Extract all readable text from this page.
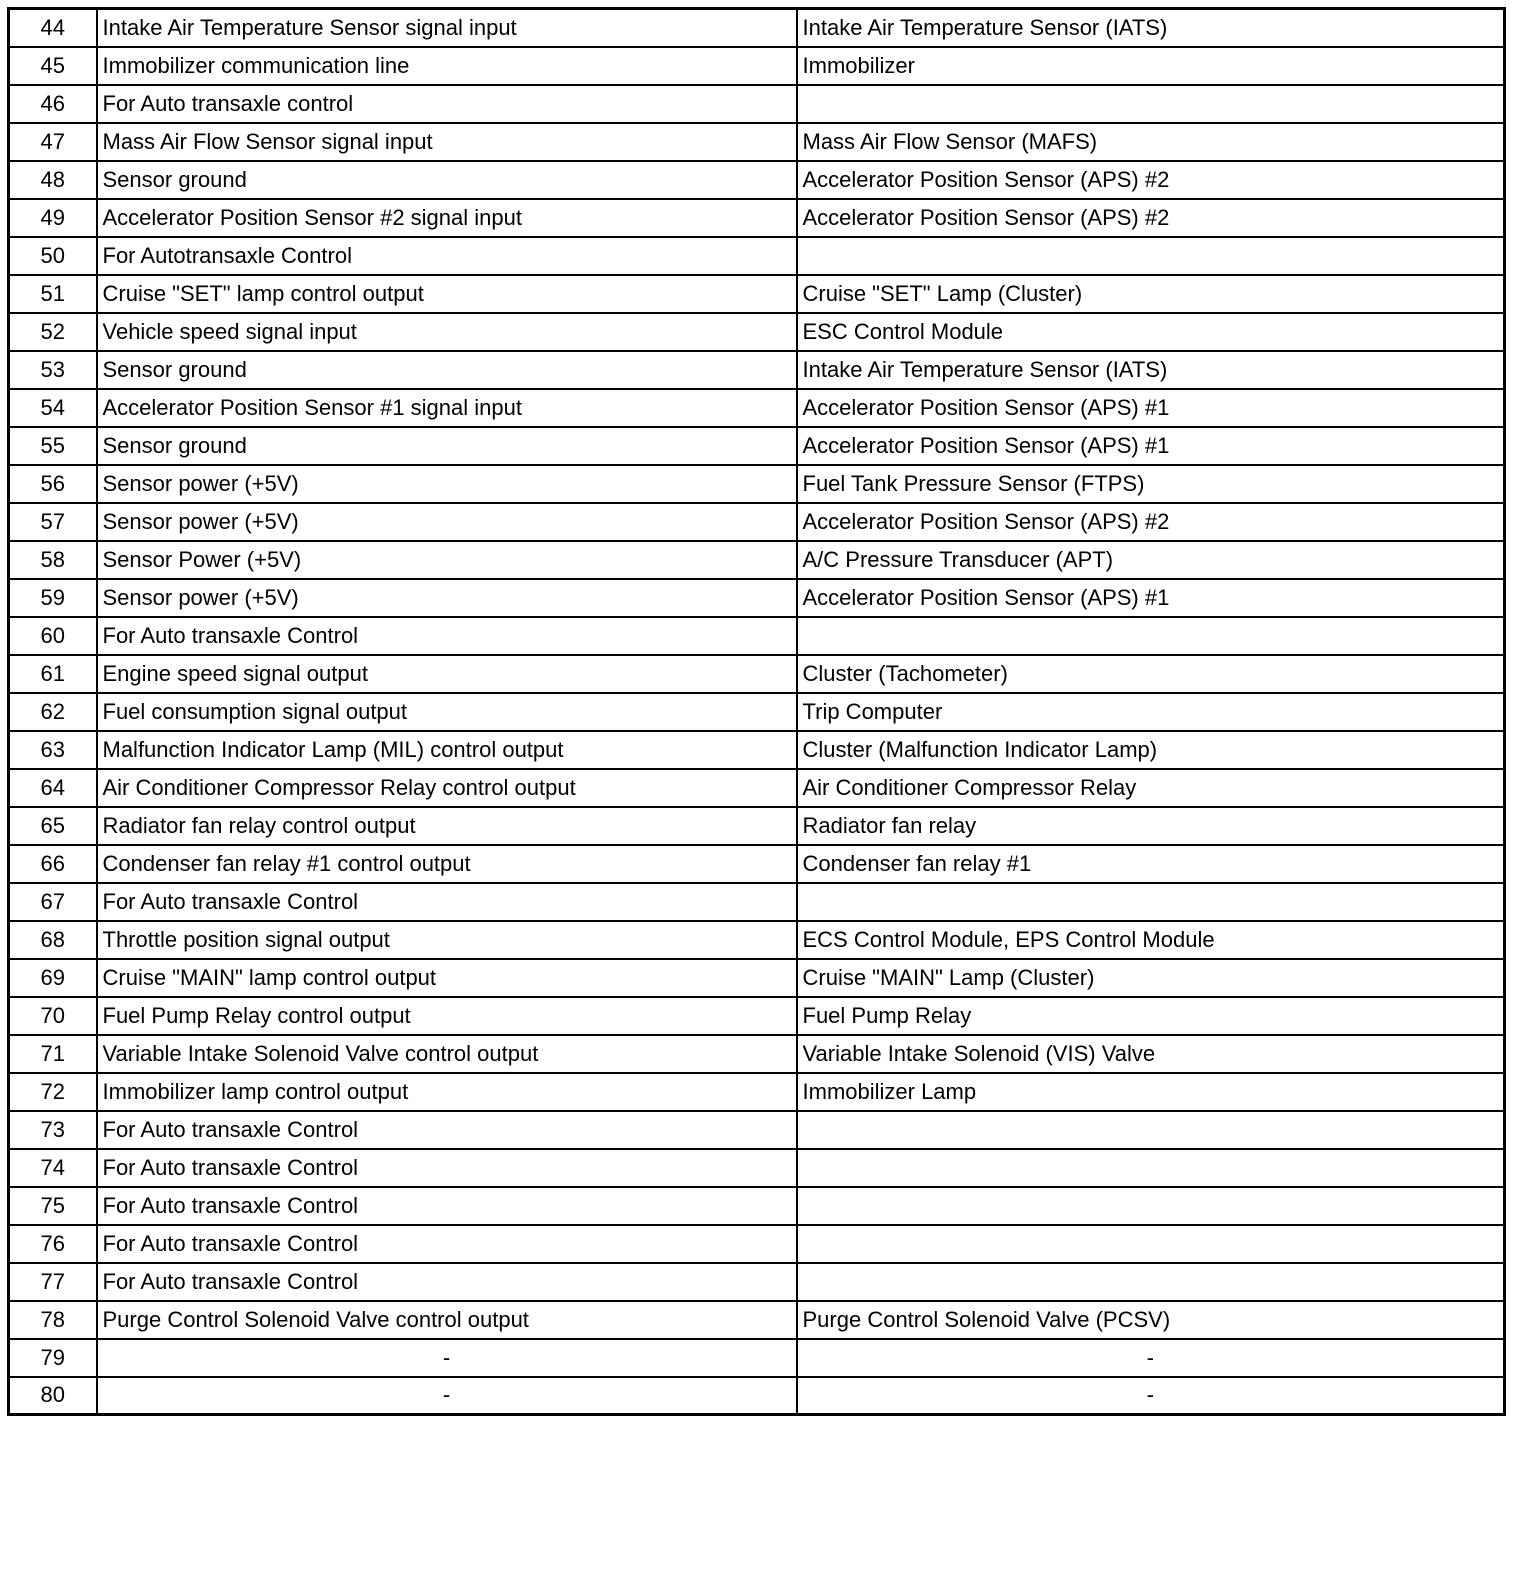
44	Intake Air Temperature Sensor signal input	Intake Air Temperature Sensor (IATS)
45	Immobilizer communication line	Immobilizer
46	For Auto transaxle control	
47	Mass Air Flow Sensor signal input	Mass Air Flow Sensor (MAFS)
48	Sensor ground	Accelerator Position Sensor (APS) #2
49	Accelerator Position Sensor #2 signal input	Accelerator Position Sensor (APS) #2
50	For Autotransaxle Control	
51	Cruise "SET" lamp control output	Cruise "SET" Lamp (Cluster)
52	Vehicle speed signal input	ESC Control Module
53	Sensor ground	Intake Air Temperature Sensor (IATS)
54	Accelerator Position Sensor #1 signal input	Accelerator Position Sensor (APS) #1
55	Sensor ground	Accelerator Position Sensor (APS) #1
56	Sensor power (+5V)	Fuel Tank Pressure Sensor (FTPS)
57	Sensor power (+5V)	Accelerator Position Sensor (APS) #2
58	Sensor Power (+5V)	A/C Pressure Transducer (APT)
59	Sensor power (+5V)	Accelerator Position Sensor (APS) #1
60	For Auto transaxle Control	
61	Engine speed signal output	Cluster (Tachometer)
62	Fuel consumption signal output	Trip Computer
63	Malfunction Indicator Lamp (MIL) control output	Cluster (Malfunction Indicator Lamp)
64	Air Conditioner Compressor Relay control output	Air Conditioner Compressor Relay
65	Radiator fan relay control output	Radiator fan relay
66	Condenser fan relay #1 control output	Condenser fan relay #1
67	For Auto transaxle Control	
68	Throttle position signal output	ECS Control Module, EPS Control Module
69	Cruise "MAIN" lamp control output	Cruise "MAIN" Lamp (Cluster)
70	Fuel Pump Relay control output	Fuel Pump Relay
71	Variable Intake Solenoid Valve control output	Variable Intake Solenoid (VIS) Valve
72	Immobilizer lamp control output	Immobilizer Lamp
73	For Auto transaxle Control	
74	For Auto transaxle Control	
75	For Auto transaxle Control	
76	For Auto transaxle Control	
77	For Auto transaxle Control	
78	Purge Control Solenoid Valve control output	Purge Control Solenoid Valve (PCSV)
79	-	-
80	-	-
